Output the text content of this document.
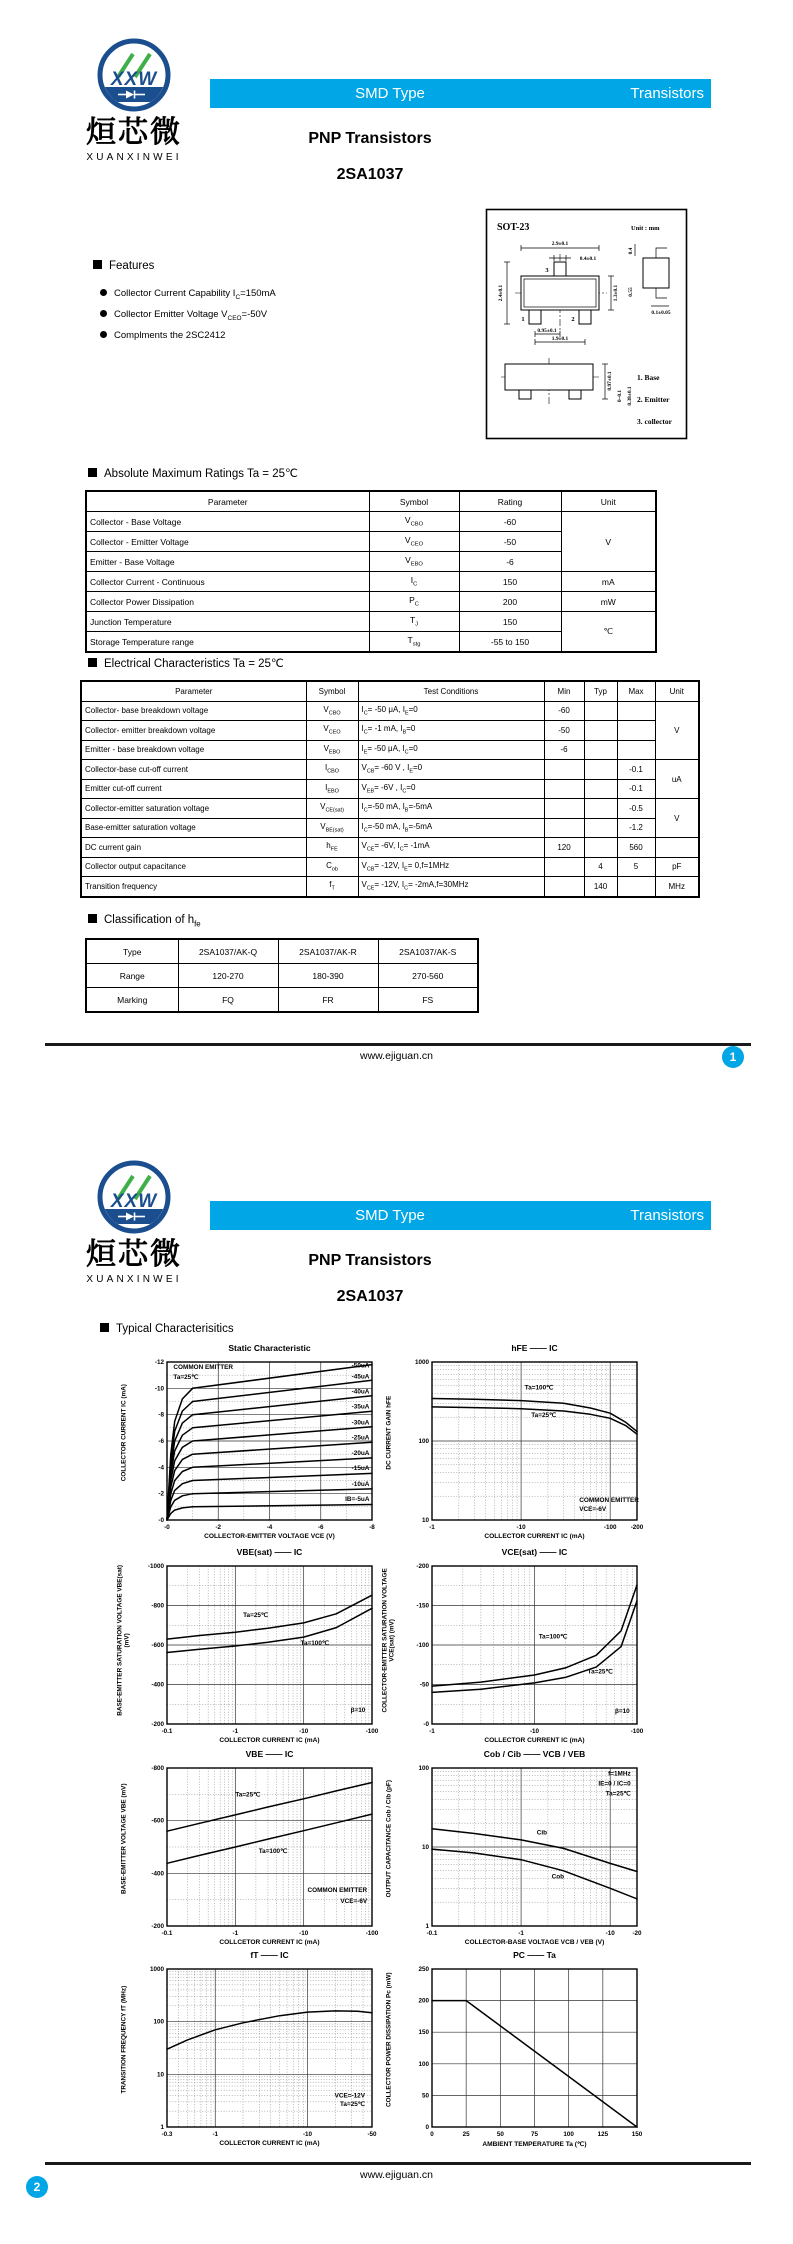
XXW
烜芯微
XUANXINWEI
SMD Type	Transistors
PNP Transistors
2SA1037
Features
Collector Current Capability $I_C=150mA$
Collector Emitter Voltage $V_{CEO}=-50V$
Complments the 2SC2412
SOT-23	Unit : mm
3
1	2
2.9±0.1
0.4±0.1
2.4±0.1	1.3±0.1
0.95±0.1
1.9±0.1
0.4
0.55
0.1±0.05
0.97±0.1
0~0.1 0.38±0.1
1. Base
2. Emitter
3. collector
Absolute Maximum Ratings Ta = 25℃
Parameter	Symbol	Rating	Unit
Collector - Base Voltage	$V_{CBO}$	-60	V
Collector - Emitter Voltage	$V_{CEO}$	-50	
Emitter - Base Voltage	$V_{EBO}$	-6	
Collector Current - Continuous	$I_C$	150	mA
Collector Power Dissipation	$P_C$	200	mW
Junction Temperature	$T_J$	150	℃
Storage Temperature range	$T_{stg}$	-55 to 150	
Electrical Characteristics Ta = 25℃
Parameter	Symbol	Test Conditions	Min	Typ	Max	Unit
Collector- base breakdown voltage	$V_{CBO}$	$I_C= -50$ μA, $I_E=0$	-60			V
Collector- emitter breakdown voltage	$V_{CEO}$	$I_C= -1$ mA, $I_B=0$	-50			
Emitter - base breakdown voltage	$V_{EBO}$	$I_E= -50$ μA, $I_C=0$	-6			
Collector-base cut-off current	$I_{CBO}$	$V_{CB}= -60$ V , $I_E=0$			-0.1	uA
Emitter cut-off current	$I_{EBO}$	$V_{EB}= -6V$ , $I_C=0$			-0.1	
Collector-emitter saturation voltage	$V_{CE(sat)}$	$I_C=-50$ mA, $I_B=-5mA$			-0.5	V
Base-emitter saturation voltage	$V_{BE(sat)}$	$I_C=-50$ mA, $I_B=-5mA$			-1.2	
DC current gain	$h_{FE}$	$V_{CE}= -6V$, $I_C= -1mA$	120		560	
Collector output capacitance	$C_{ob}$	$V_{CB}= -12V$, $I_E= 0,f=1MHz$		4	5	pF
Transition frequency	$f_T$	$V_{CE}= -12V$, $I_C= -2mA,f=30MHz$		140		MHz
Classification of $h_{fe}$
Type	2SA1037/AK-Q	2SA1037/AK-R	2SA1037/AK-S
Range	120-270	180-390	270-560
Marking	FQ	FR	FS
www.ejiguan.cn	1
XXW
烜芯微
XUANXINWEI
SMD Type	Transistors
PNP Transistors
2SA1037
Typical Characterisitics
Static Characteristic
COLLECTOR CURRENT IC (mA)
COLLECTOR-EMITTER VOLTAGE VCE (V)
-0	-2	-4	-6	-8
-0
-2
-4
-6
-8
-10
-12
COMMON EMITTER
Ta=25℃
-50uA
-45uA
-40uA
-35uA
-30uA
-25uA
-20uA
-15uA
-10uA
IB=-5uA
hFE —— IC
DC CURRENT GAIN hFE
COLLECTOR CURRENT IC (mA)
-1	-10	-100 -200
10
100
1000
Ta=100℃
Ta=25℃
COMMON EMITTER
VCE=-6V
VBE(sat) —— IC
BASE-EMITTER SATURATION VOLTAGE VBE(sat) (mV)
COLLECTOR CURRENT IC (mA)
-0.1	-1	-10	-100
-200
-400
-600
-800
-1000
Ta=25℃
Ta=100℃
β=10
VCE(sat) —— IC
COLLECTOR-EMITTER SATURATION VOLTAGE VCE(sat) (mV)
COLLECTOR CURRENT IC (mA)
-1	-10	-100
-0
-50
-100
-150
-200
Ta=100℃
Ta=25℃
β=10
VBE —— IC
BASE-EMITTER VOLTAGE VBE (mV)
COLLCETOR CURRENT IC (mA)
-0.1	-1	-10	-100
-200
-400
-600
-800
Ta=25℃
Ta=100℃
COMMON EMITTER
VCE=-6V
Cob / Cib —— VCB / VEB
OUTPUT CAPACITANCE Cob / Cib (pF)
COLLECTOR-BASE VOLTAGE VCB / VEB (V)
-0.1	-1	-10	-20
1
10
100
Cib
Cob
f=1MHz
IE=0 / IC=0
Ta=25℃
fT —— IC
TRANSITION FREQUENCY fT (MHz)
COLLECTOR CURRENT IC (mA)
-0.3	-1	-10	-50
1
10
100
1000
VCE=-12V
Ta=25℃
PC —— Ta
COLLECTOR POWER DISSIPATION Pc (mW)
AMBIENT TEMPERATURE Ta (℃)
0	25	50	75	100	125	150
0
50
100
150
200
250
www.ejiguan.cn
2
